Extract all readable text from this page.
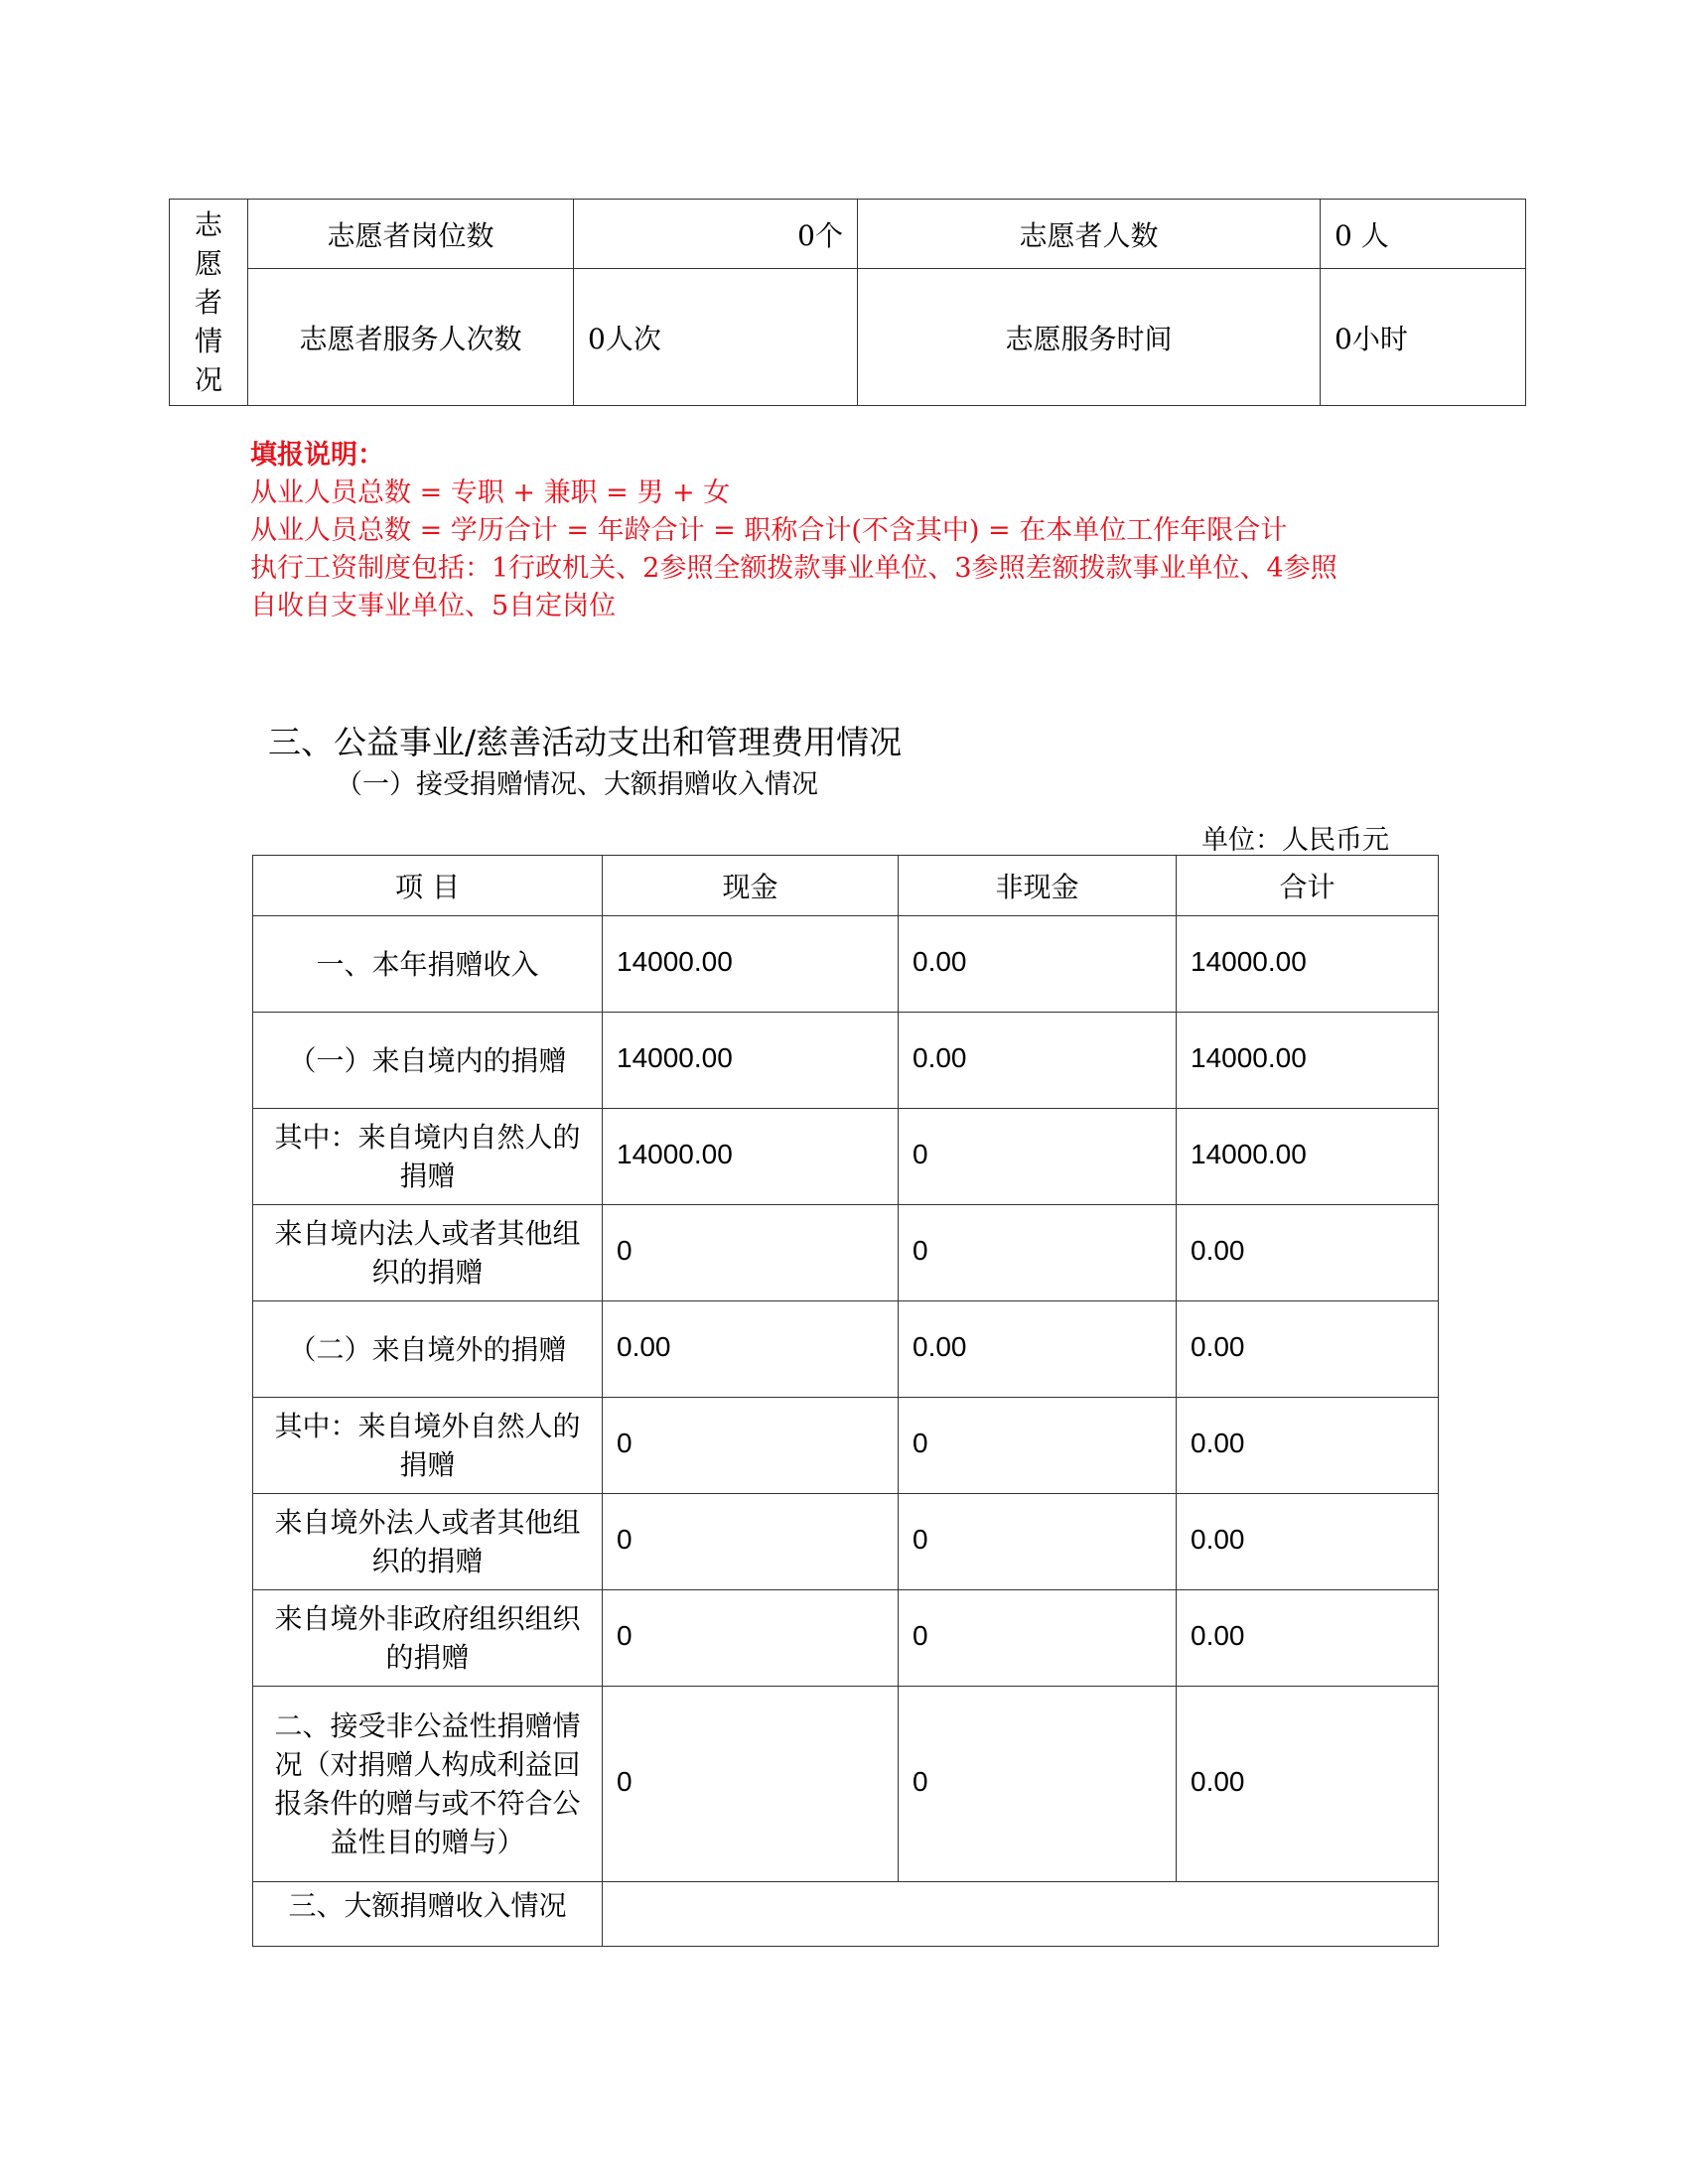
志
愿
者
情
况	志愿者岗位数	0个	志愿者人数	0 人
	志愿者服务人次数	0人次	志愿服务时间	0小时
填报说明：
从业人员总数 = 专职 + 兼职 = 男 + 女
从业人员总数 = 学历合计 = 年龄合计 = 职称合计(不含其中) = 在本单位工作年限合计
执行工资制度包括：1行政机关、2参照全额拨款事业单位、3参照差额拨款事业单位、4参照
自收自支事业单位、5自定岗位
三、公益事业/慈善活动支出和管理费用情况
（一）接受捐赠情况、大额捐赠收入情况
单位：人民币元
项 目	现金	非现金	合计
一、本年捐赠收入	14000.00	0.00	14000.00
（一）来自境内的捐赠	14000.00	0.00	14000.00
其中：来自境内自然人的捐赠	14000.00	0	14000.00
来自境内法人或者其他组织的捐赠	0	0	0.00
（二）来自境外的捐赠	0.00	0.00	0.00
其中：来自境外自然人的捐赠	0	0	0.00
来自境外法人或者其他组织的捐赠	0	0	0.00
来自境外非政府组织组织的捐赠	0	0	0.00
二、接受非公益性捐赠情况（对捐赠人构成利益回报条件的赠与或不符合公益性目的赠与）	0	0	0.00
三、大额捐赠收入情况			
